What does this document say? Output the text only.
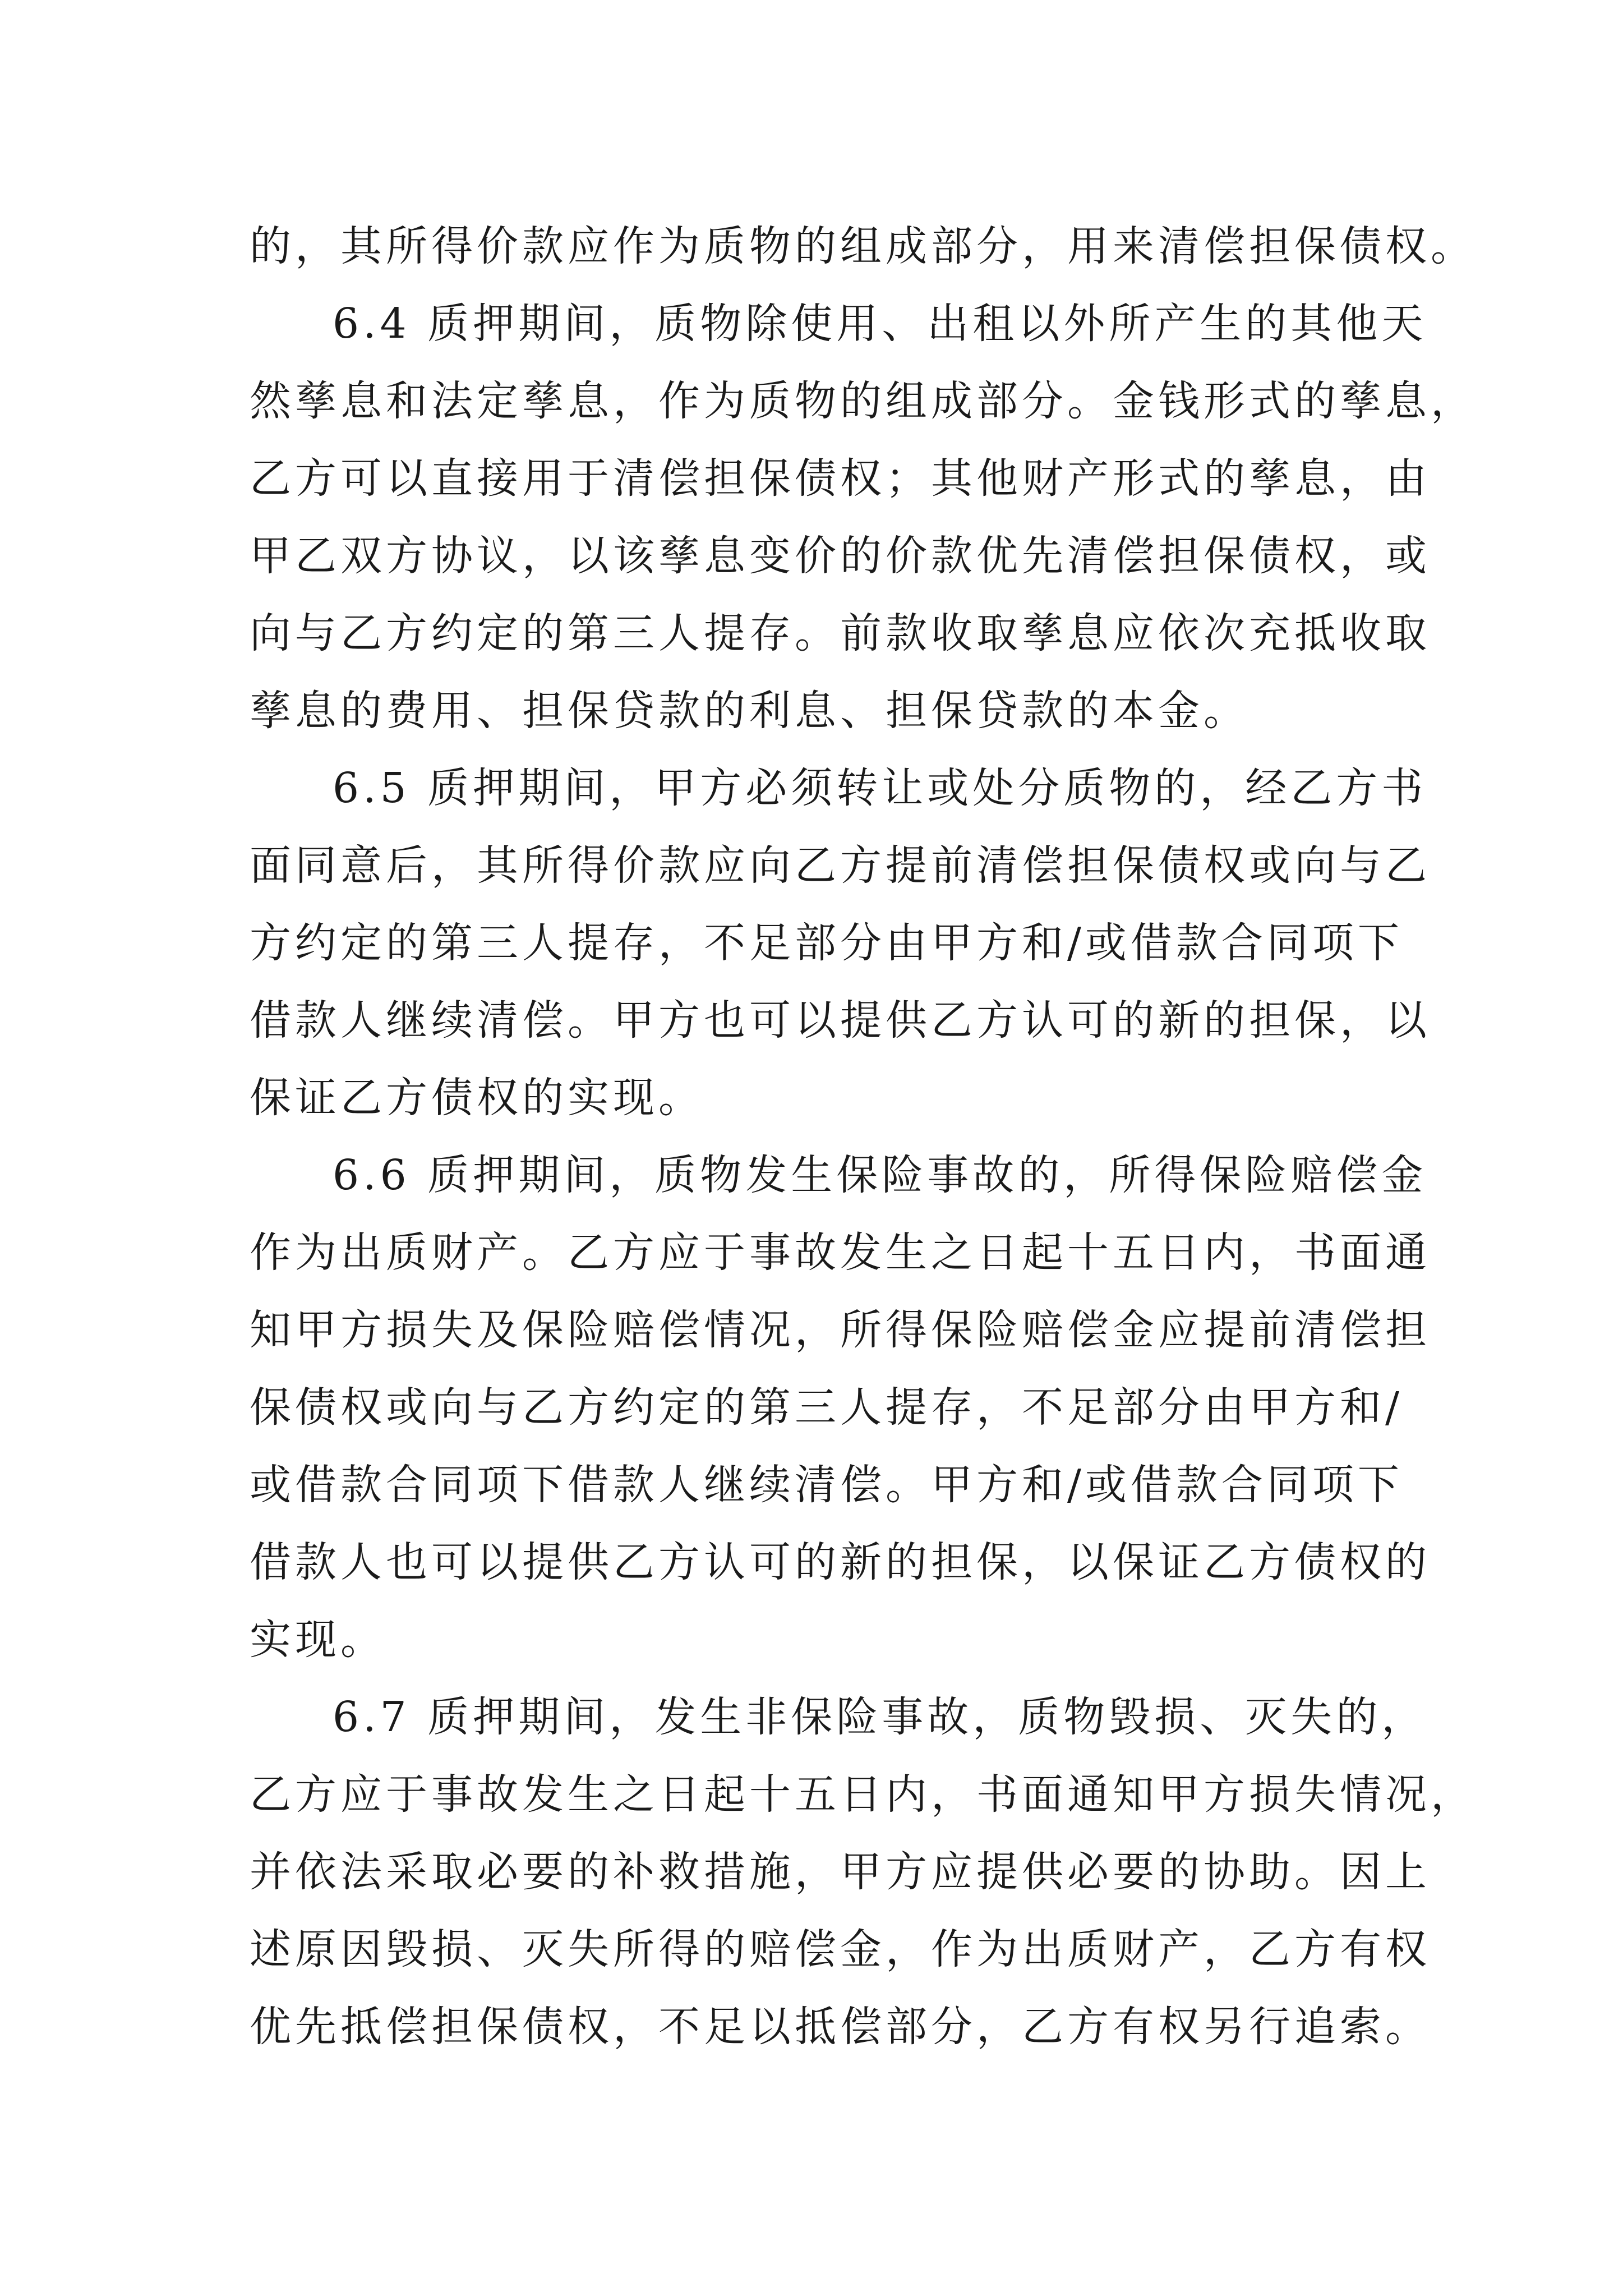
的，其所得价款应作为质物的组成部分，用来清偿担保债权。
6.4 质押期间，质物除使用、出租以外所产生的其他天
然孳息和法定孳息，作为质物的组成部分。金钱形式的孳息，
乙方可以直接用于清偿担保债权；其他财产形式的孳息，由
甲乙双方协议，以该孳息变价的价款优先清偿担保债权，或
向与乙方约定的第三人提存。前款收取孳息应依次充抵收取
孳息的费用、担保贷款的利息、担保贷款的本金。
6.5 质押期间，甲方必须转让或处分质物的，经乙方书
面同意后，其所得价款应向乙方提前清偿担保债权或向与乙
方约定的第三人提存，不足部分由甲方和/或借款合同项下
借款人继续清偿。甲方也可以提供乙方认可的新的担保，以
保证乙方债权的实现。
6.6 质押期间，质物发生保险事故的，所得保险赔偿金
作为出质财产。乙方应于事故发生之日起十五日内，书面通
知甲方损失及保险赔偿情况，所得保险赔偿金应提前清偿担
保债权或向与乙方约定的第三人提存，不足部分由甲方和/
或借款合同项下借款人继续清偿。甲方和/或借款合同项下
借款人也可以提供乙方认可的新的担保，以保证乙方债权的
实现。
6.7 质押期间，发生非保险事故，质物毁损、灭失的，
乙方应于事故发生之日起十五日内，书面通知甲方损失情况，
并依法采取必要的补救措施，甲方应提供必要的协助。因上
述原因毁损、灭失所得的赔偿金，作为出质财产，乙方有权
优先抵偿担保债权，不足以抵偿部分，乙方有权另行追索。
